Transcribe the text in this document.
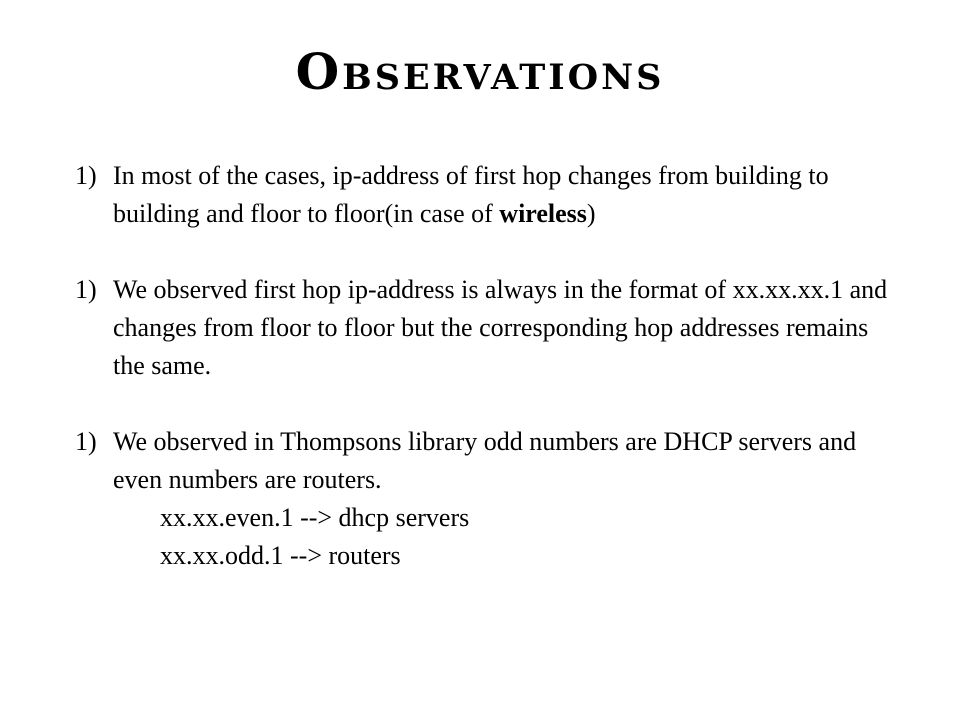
Observations
1) In most of the cases, ip-address of first hop changes from building to building and floor to floor(in case of wireless)
1) We observed first hop ip-address is always in the format of xx.xx.xx.1 and changes from floor to floor but the corresponding hop addresses remains the same.
1) We observed in Thompsons library odd numbers are DHCP servers and even numbers are routers.
xx.xx.even.1 --> dhcp servers
xx.xx.odd.1 --> routers
